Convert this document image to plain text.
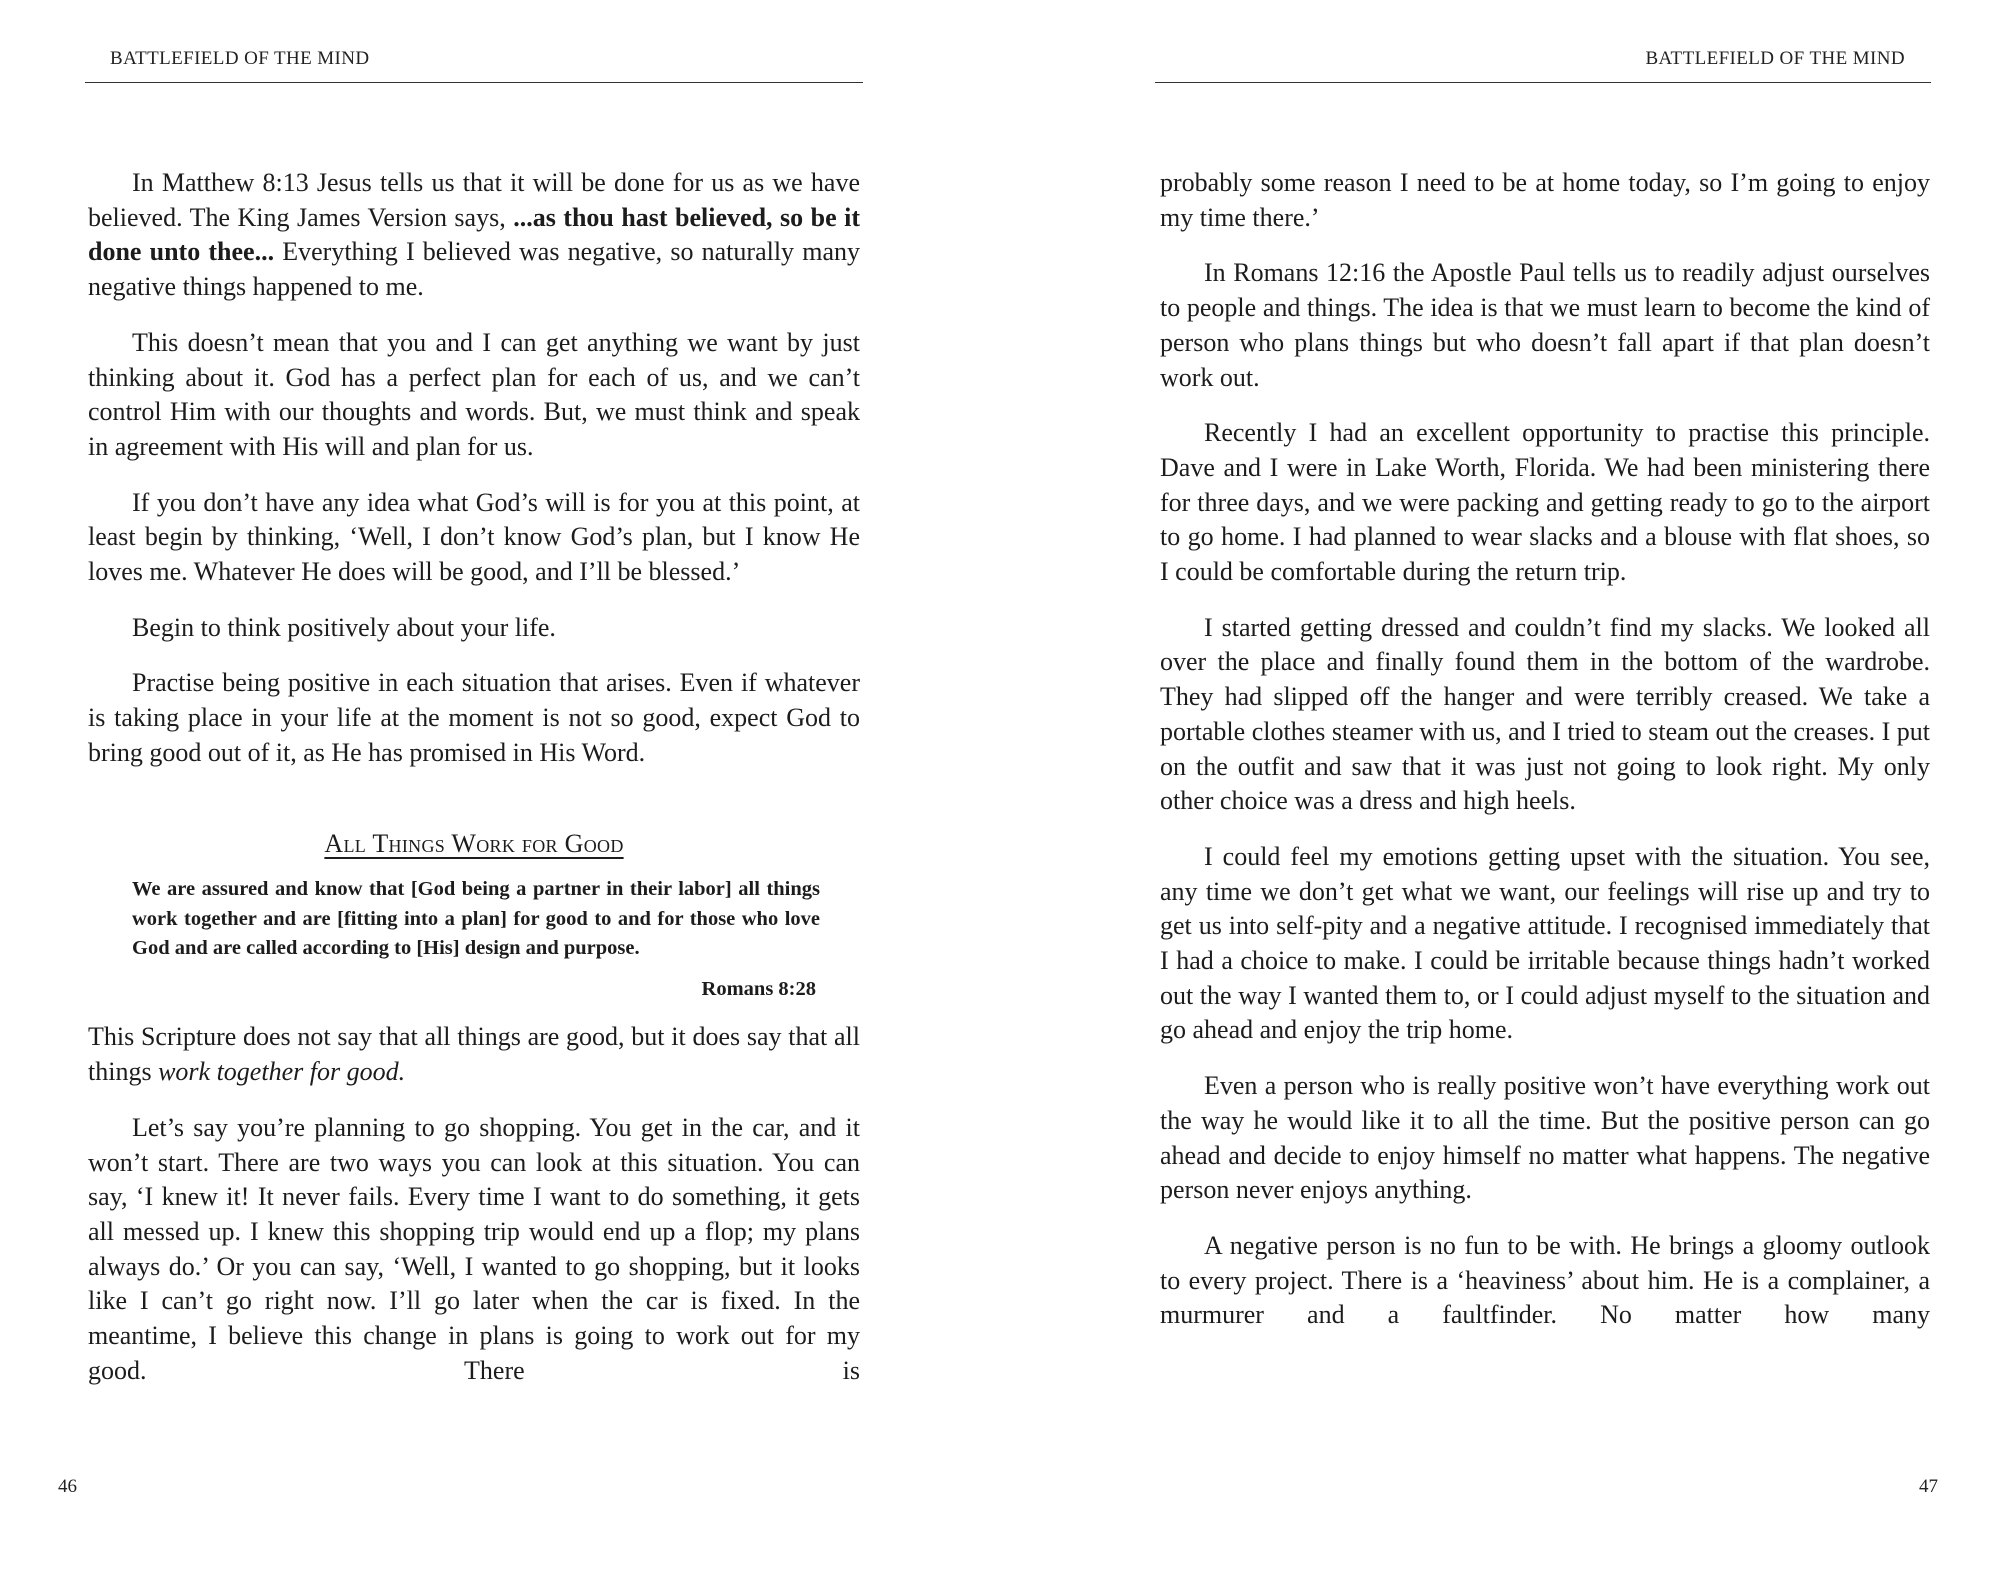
BATTLEFIELD OF THE MIND

In Matthew 8:13 Jesus tells us that it will be done for us as we have believed. The King James Version says, ...as thou hast believed, so be it done unto thee... Everything I believed was negative, so naturally many negative things happened to me.

This doesn’t mean that you and I can get anything we want by just thinking about it. God has a perfect plan for each of us, and we can’t control Him with our thoughts and words. But, we must think and speak in agreement with His will and plan for us.

If you don’t have any idea what God’s will is for you at this point, at least begin by thinking, ‘Well, I don’t know God’s plan, but I know He loves me. Whatever He does will be good, and I’ll be blessed.’

Begin to think positively about your life.

Practise being positive in each situation that arises. Even if whatever is taking place in your life at the moment is not so good, expect God to bring good out of it, as He has promised in His Word.

All Things Work for Good
We are assured and know that [God being a partner in their labor] all things work together and are [fitting into a plan] for good to and for those who love God and are called according to [His] design and purpose.
Romans 8:28

This Scripture does not say that all things are good, but it does say that all things work together for good.

Let’s say you’re planning to go shopping. You get in the car, and it won’t start. There are two ways you can look at this situation. You can say, ‘I knew it! It never fails. Every time I want to do something, it gets all messed up. I knew this shopping trip would end up a flop; my plans always do.’ Or you can say, ‘Well, I wanted to go shopping, but it looks like I can’t go right now. I’ll go later when the car is fixed. In the meantime, I believe this change in plans is going to work out for my good. There is

46
BATTLEFIELD OF THE MIND

probably some reason I need to be at home today, so I’m going to enjoy my time there.’

In Romans 12:16 the Apostle Paul tells us to readily adjust ourselves to people and things. The idea is that we must learn to become the kind of person who plans things but who doesn’t fall apart if that plan doesn’t work out.

Recently I had an excellent opportunity to practise this principle. Dave and I were in Lake Worth, Florida. We had been ministering there for three days, and we were packing and getting ready to go to the airport to go home. I had planned to wear slacks and a blouse with flat shoes, so I could be comfortable during the return trip.

I started getting dressed and couldn’t find my slacks. We looked all over the place and finally found them in the bottom of the wardrobe. They had slipped off the hanger and were terribly creased. We take a portable clothes steamer with us, and I tried to steam out the creases. I put on the outfit and saw that it was just not going to look right. My only other choice was a dress and high heels.

I could feel my emotions getting upset with the situation. You see, any time we don’t get what we want, our feelings will rise up and try to get us into self-pity and a negative attitude. I recognised immediately that I had a choice to make. I could be irritable because things hadn’t worked out the way I wanted them to, or I could adjust myself to the situation and go ahead and enjoy the trip home.

Even a person who is really positive won’t have everything work out the way he would like it to all the time. But the positive person can go ahead and decide to enjoy himself no matter what happens. The negative person never enjoys anything.

A negative person is no fun to be with. He brings a gloomy outlook to every project. There is a ‘heaviness’ about him. He is a complainer, a murmurer and a faultfinder. No matter how many

47
